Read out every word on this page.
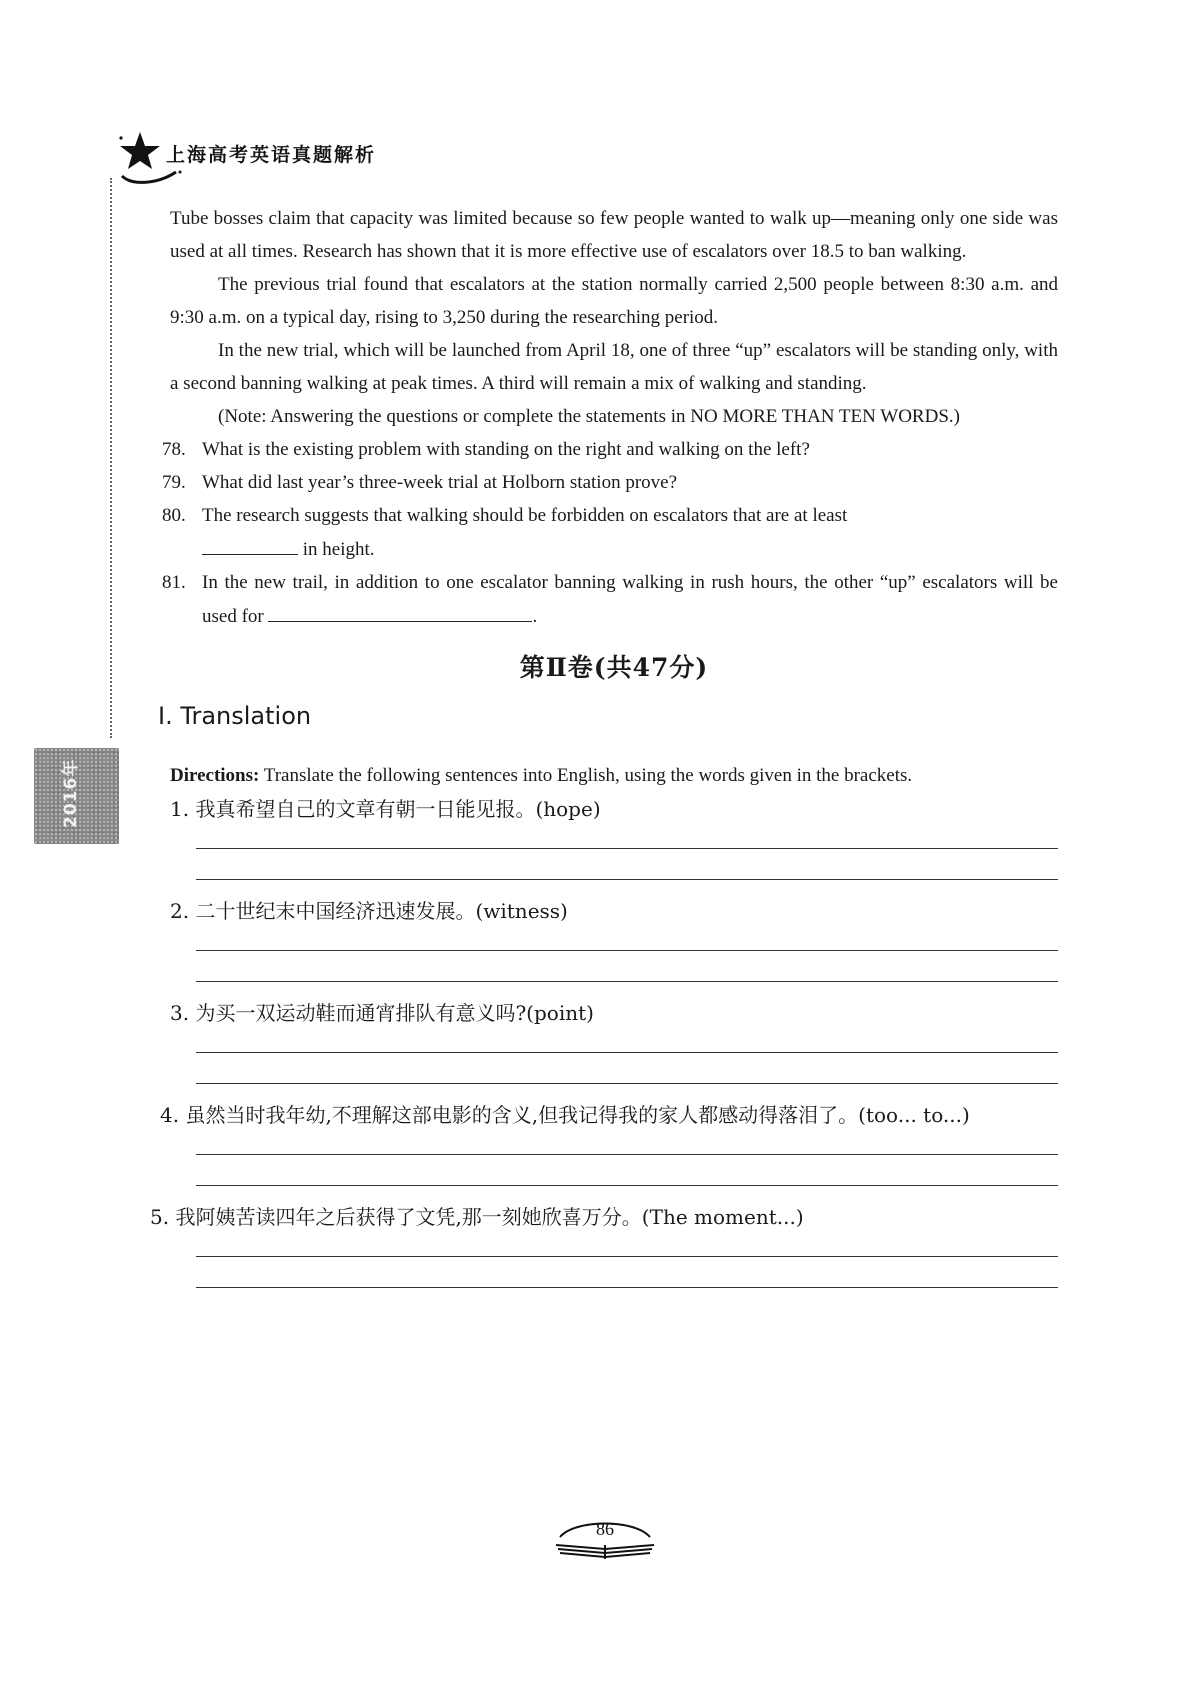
上海高考英语真题解析
2016年

Tube bosses claim that capacity was limited because so few people wanted to walk up—meaning only one side was used at all times. Research has shown that it is more effective use of escalators over 18.5 to ban walking.

The previous trial found that escalators at the station normally carried 2,500 people between 8:30 a.m. and 9:30 a.m. on a typical day, rising to 3,250 during the researching period.

In the new trial, which will be launched from April 18, one of three “up” escalators will be standing only, with a second banning walking at peak times. A third will remain a mix of walking and standing.

(Note: Answering the questions or complete the statements in NO MORE THAN TEN WORDS.)

78. What is the existing problem with standing on the right and walking on the left?
79. What did last year’s three-week trial at Holborn station prove?
80. The research suggests that walking should be forbidden on escalators that are at least
in height.
81. In the new trail, in addition to one escalator banning walking in rush hours, the other “up” escalators will be used for	.
第Ⅱ卷(共47分)
I. Translation

Directions: Translate the following sentences into English, using the words given in the brackets.

1. 我真希望自己的文章有朝一日能见报。(hope)
2. 二十世纪末中国经济迅速发展。(witness)
3. 为买一双运动鞋而通宵排队有意义吗?(point)
4. 虽然当时我年幼,不理解这部电影的含义,但我记得我的家人都感动得落泪了。(too... to...)
5. 我阿姨苦读四年之后获得了文凭,那一刻她欣喜万分。(The moment...)
86
